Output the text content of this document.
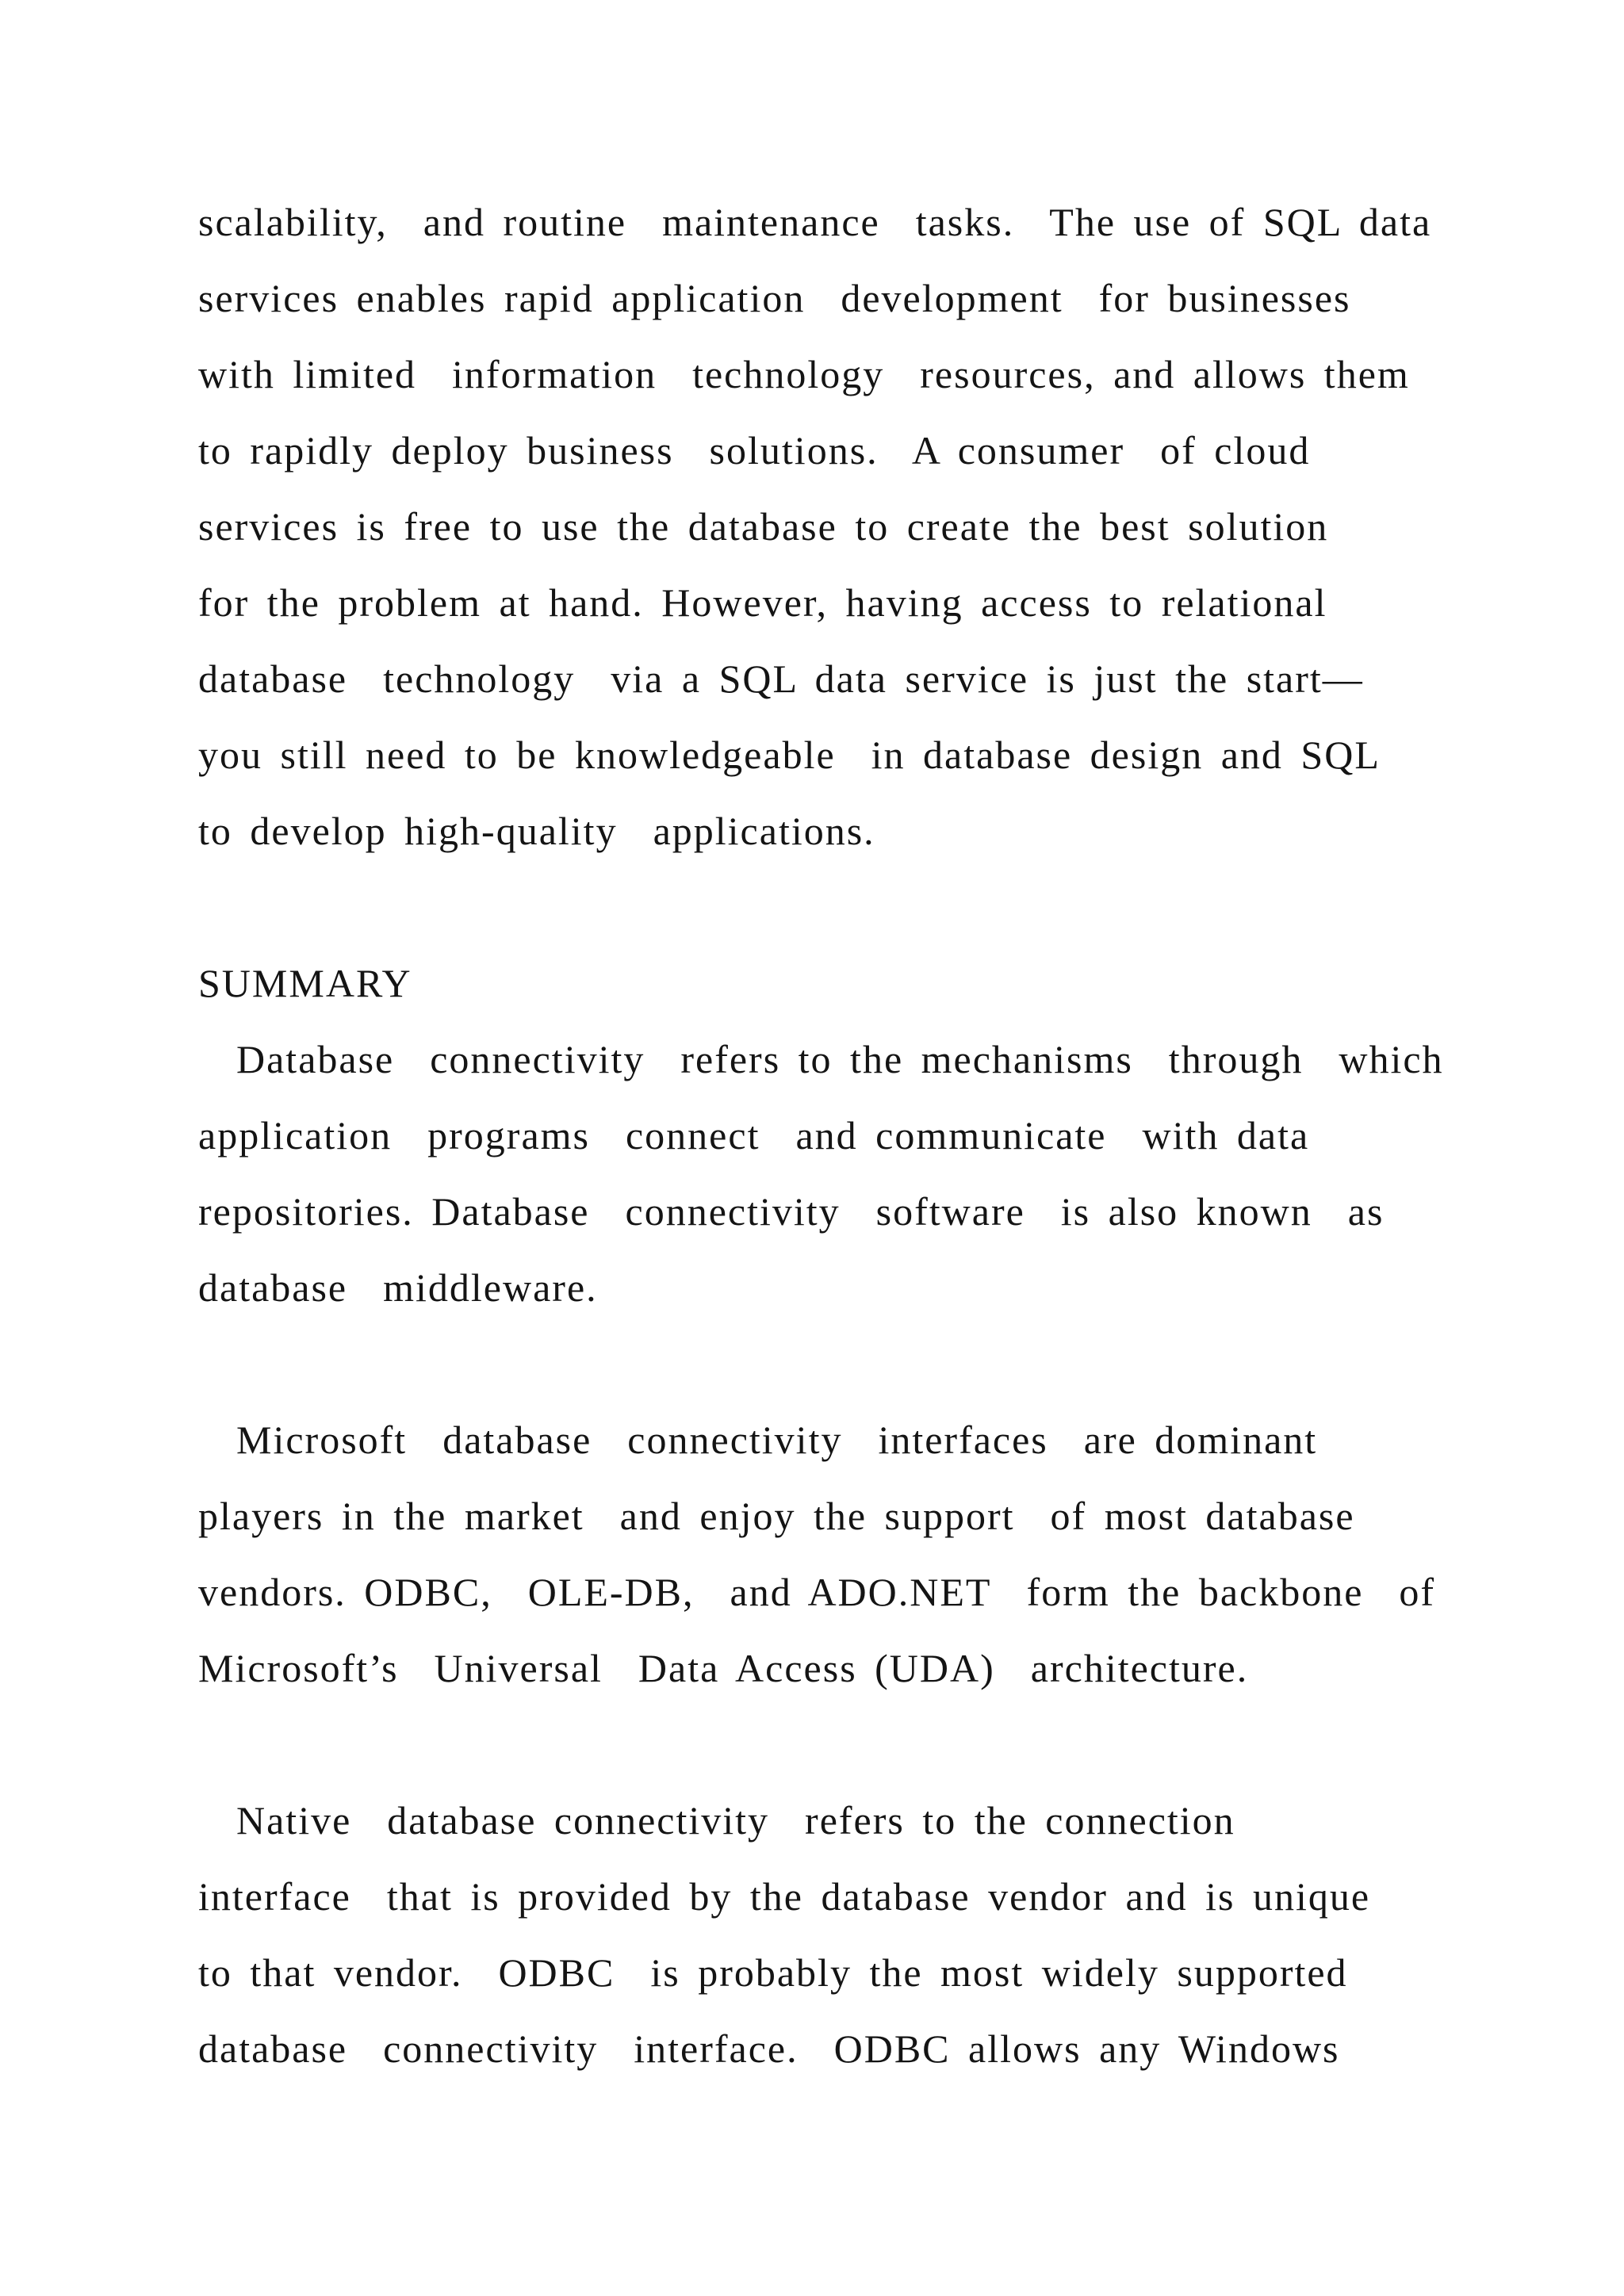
scalability,  and routine  maintenance  tasks.  The use of SQL data
services enables rapid application  development  for businesses
with limited  information  technology  resources, and allows them
to rapidly deploy business  solutions.  A consumer  of cloud
services is free to use the database to create the best solution
for the problem at hand. However, having access to relational
database  technology  via a SQL data service is just the start—
you still need to be knowledgeable  in database design and SQL
to develop high-quality  applications.
SUMMARY
Database  connectivity  refers to the mechanisms  through  which
application  programs  connect  and communicate  with data
repositories. Database  connectivity  software  is also known  as
database  middleware.
Microsoft  database  connectivity  interfaces  are dominant
players in the market  and enjoy the support  of most database
vendors. ODBC,  OLE-DB,  and ADO.NET  form the backbone  of
Microsoft’s  Universal  Data Access (UDA)  architecture.
Native  database connectivity  refers to the connection
interface  that is provided by the database vendor and is unique
to that vendor.  ODBC  is probably the most widely supported
database  connectivity  interface.  ODBC allows any Windows
